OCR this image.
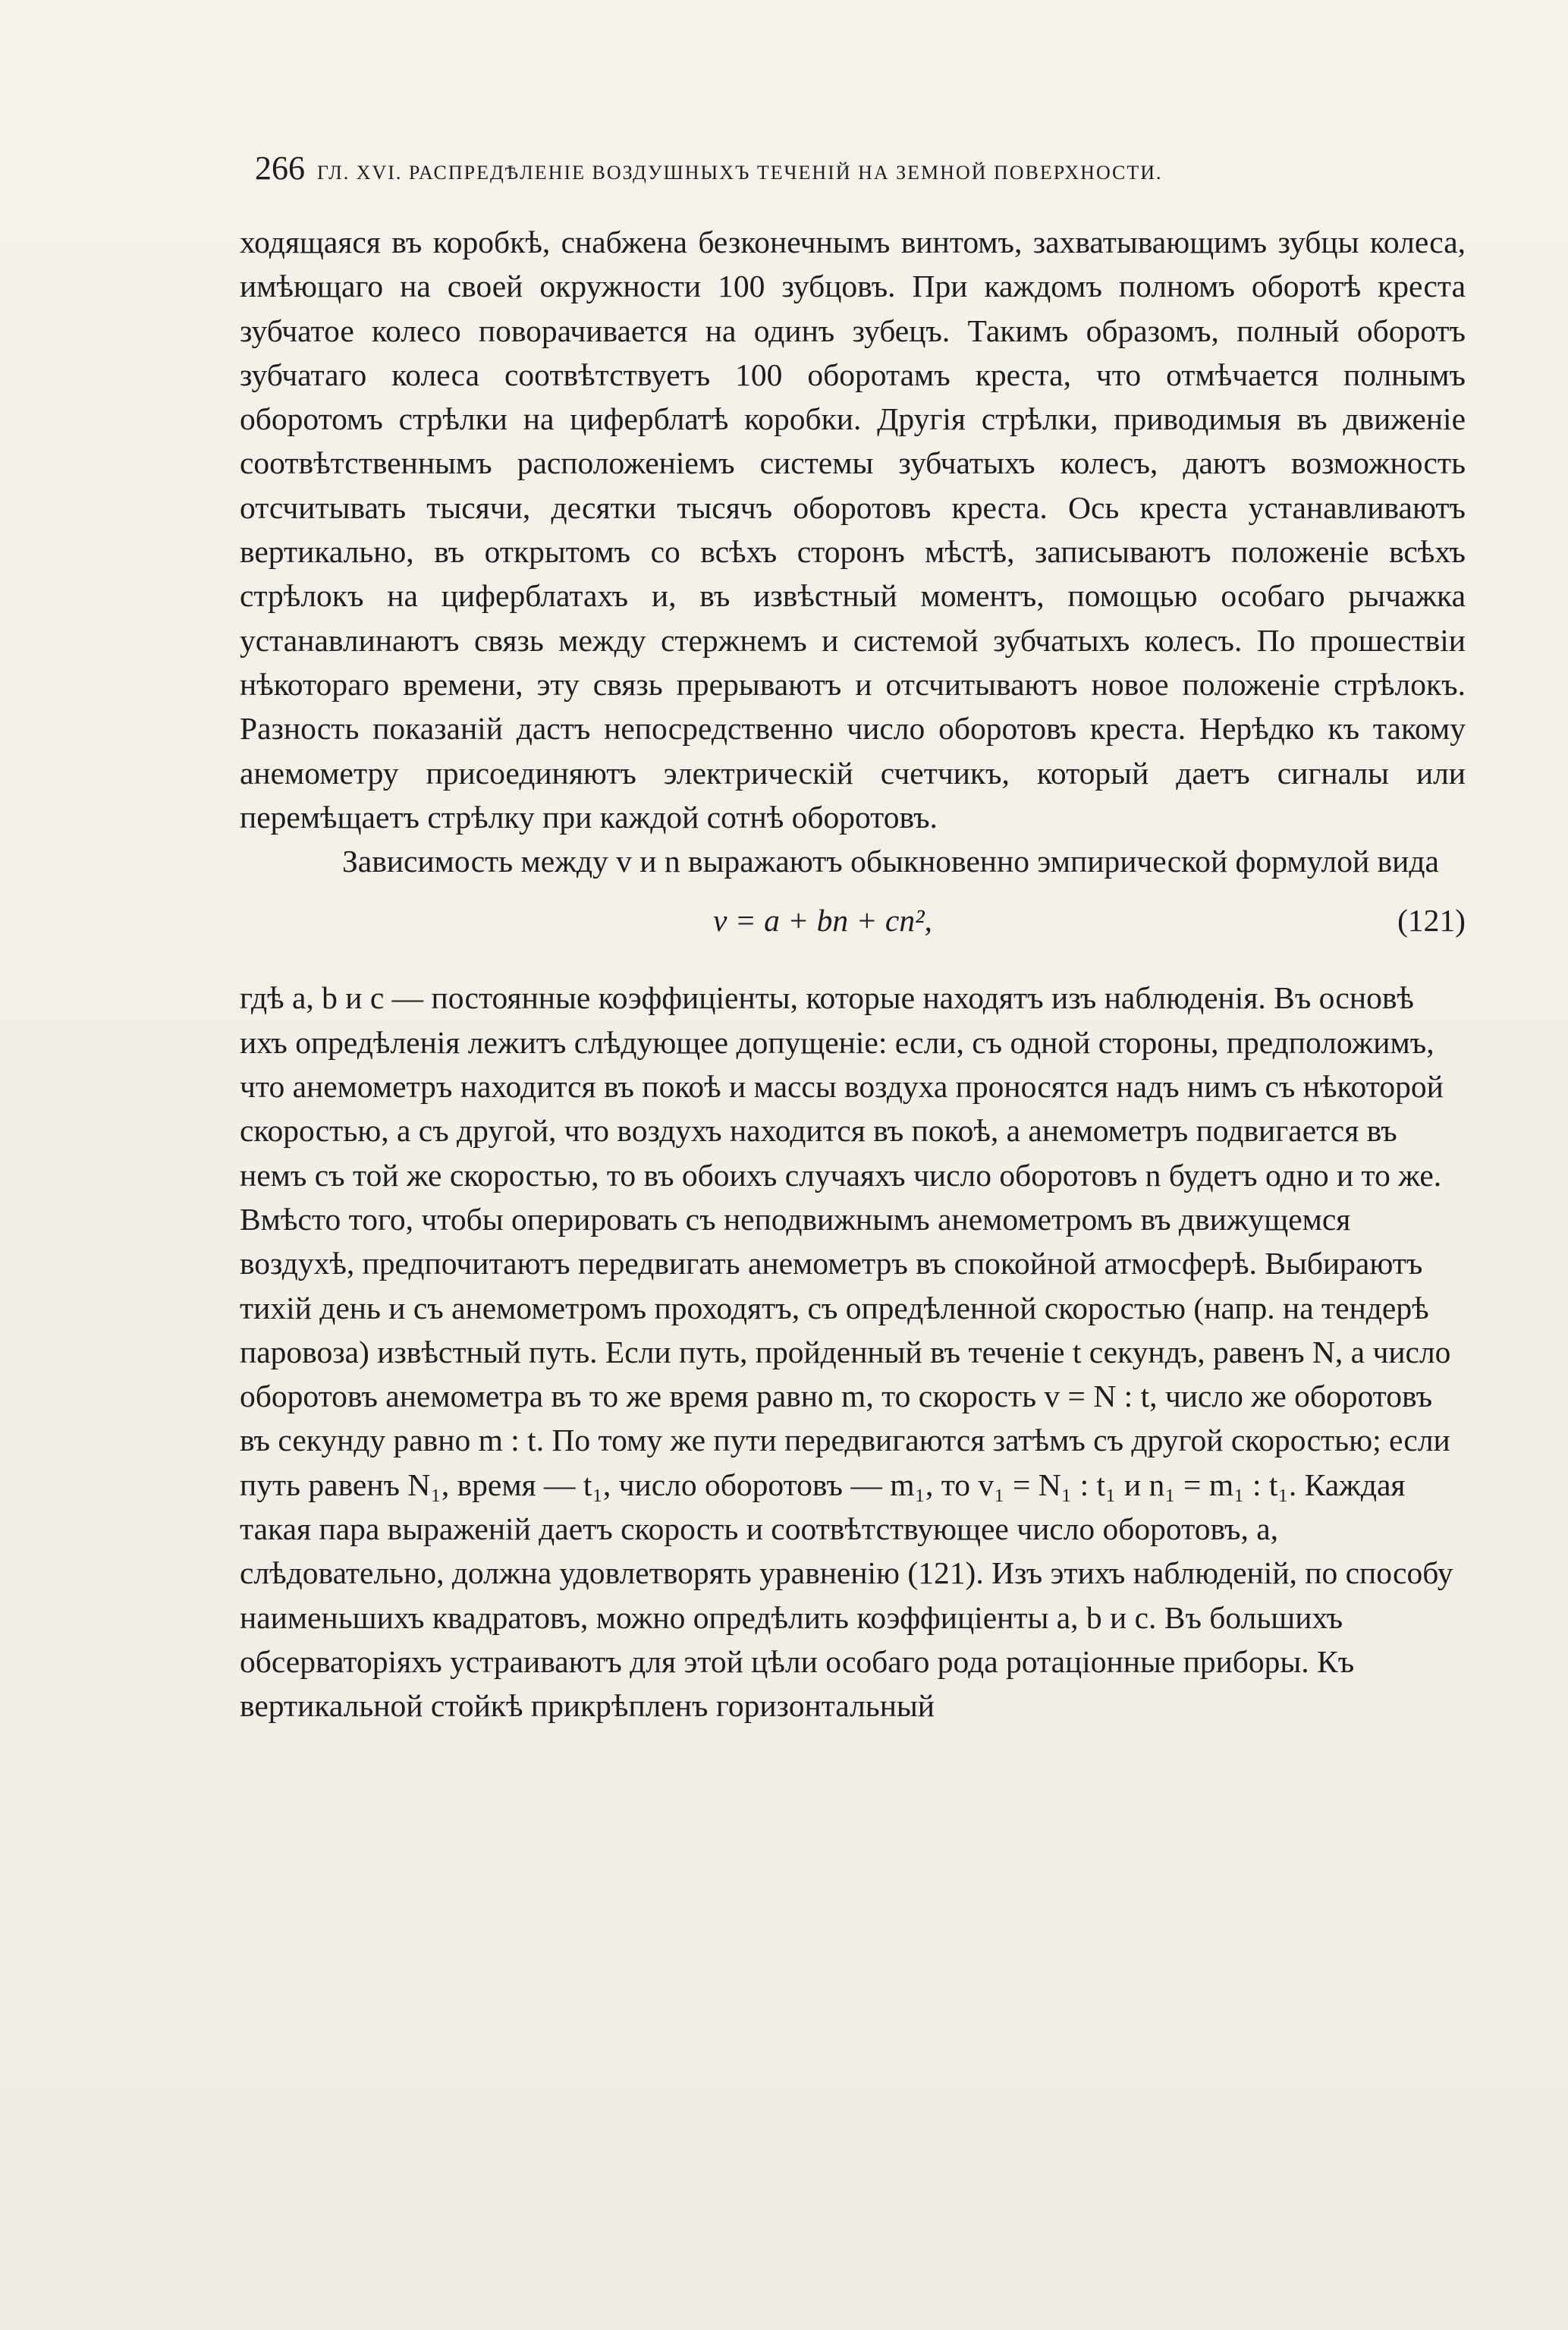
266 ГЛ. XVI. РАСПРЕДѢЛЕНІЕ ВОЗДУШНЫХЪ ТЕЧЕНІЙ НА ЗЕМНОЙ ПОВЕРХНОСТИ.

ходящаяся въ коробкѣ, снабжена безконечнымъ винтомъ, захватывающимъ зубцы колеса, имѣющаго на своей окружности 100 зубцовъ. При каждомъ полномъ оборотѣ креста зубчатое колесо поворачивается на одинъ зубецъ. Такимъ образомъ, полный оборотъ зубчатаго колеса соотвѣтствуетъ 100 оборотамъ креста, что отмѣчается полнымъ оборотомъ стрѣлки на циферблатѣ коробки. Другія стрѣлки, приводимыя въ движеніе соотвѣтственнымъ расположеніемъ системы зубчатыхъ колесъ, даютъ возможность отсчитывать тысячи, десятки тысячъ оборотовъ креста. Ось креста устанавливаютъ вертикально, въ открытомъ со всѣхъ сторонъ мѣстѣ, записываютъ положеніе всѣхъ стрѣлокъ на циферблатахъ и, въ извѣстный моментъ, помощью особаго рычажка устанавлинаютъ связь между стержнемъ и системой зубчатыхъ колесъ. По прошествіи нѣкотораго времени, эту связь прерываютъ и отсчитываютъ новое положеніе стрѣлокъ. Разность показаній дастъ непосредственно число оборотовъ креста. Нерѣдко къ такому анемометру присоединяютъ электрическій счетчикъ, который даетъ сигналы или перемѣщаетъ стрѣлку при каждой сотнѣ оборотовъ.

Зависимость между v и n выражаютъ обыкновенно эмпирической формулой вида

v = a + bn + cn²,	(121)

гдѣ a, b и c — постоянные коэффиціенты, которые находятъ изъ наблюденія. Въ основѣ ихъ опредѣленія лежитъ слѣдующее допущеніе: если, съ одной стороны, предположимъ, что анемометръ находится въ покоѣ и массы воздуха проносятся надъ нимъ съ нѣкоторой скоростью, а съ другой, что воздухъ находится въ покоѣ, а анемометръ подвигается въ немъ съ той же скоростью, то въ обоихъ случаяхъ число оборотовъ n будетъ одно и то же. Вмѣсто того, чтобы оперировать съ неподвижнымъ анемометромъ въ движущемся воздухѣ, предпочитаютъ передвигать анемометръ въ спокойной атмосферѣ. Выбираютъ тихій день и съ анемометромъ проходятъ, съ опредѣленной скоростью (напр. на тендерѣ паровоза) извѣстный путь. Если путь, пройденный въ теченіе t секундъ, равенъ N, а число оборотовъ анемометра въ то же время равно m, то скорость v = N : t, число же оборотовъ въ секунду равно m : t. По тому же пути передвигаются затѣмъ съ другой скоростью; если путь равенъ N₁, время — t₁, число оборотовъ — m₁, то v₁ = N₁ : t₁ и n₁ = m₁ : t₁. Каждая такая пара выраженій даетъ скорость и соотвѣтствующее число оборотовъ, а, слѣдовательно, должна удовлетворять уравненію (121). Изъ этихъ наблюденій, по способу наименьшихъ квадратовъ, можно опредѣлить коэффиціенты a, b и c. Въ большихъ обсерваторіяхъ устраиваютъ для этой цѣли особаго рода ротаціонные приборы. Къ вертикальной стойкѣ прикрѣпленъ горизонтальный
